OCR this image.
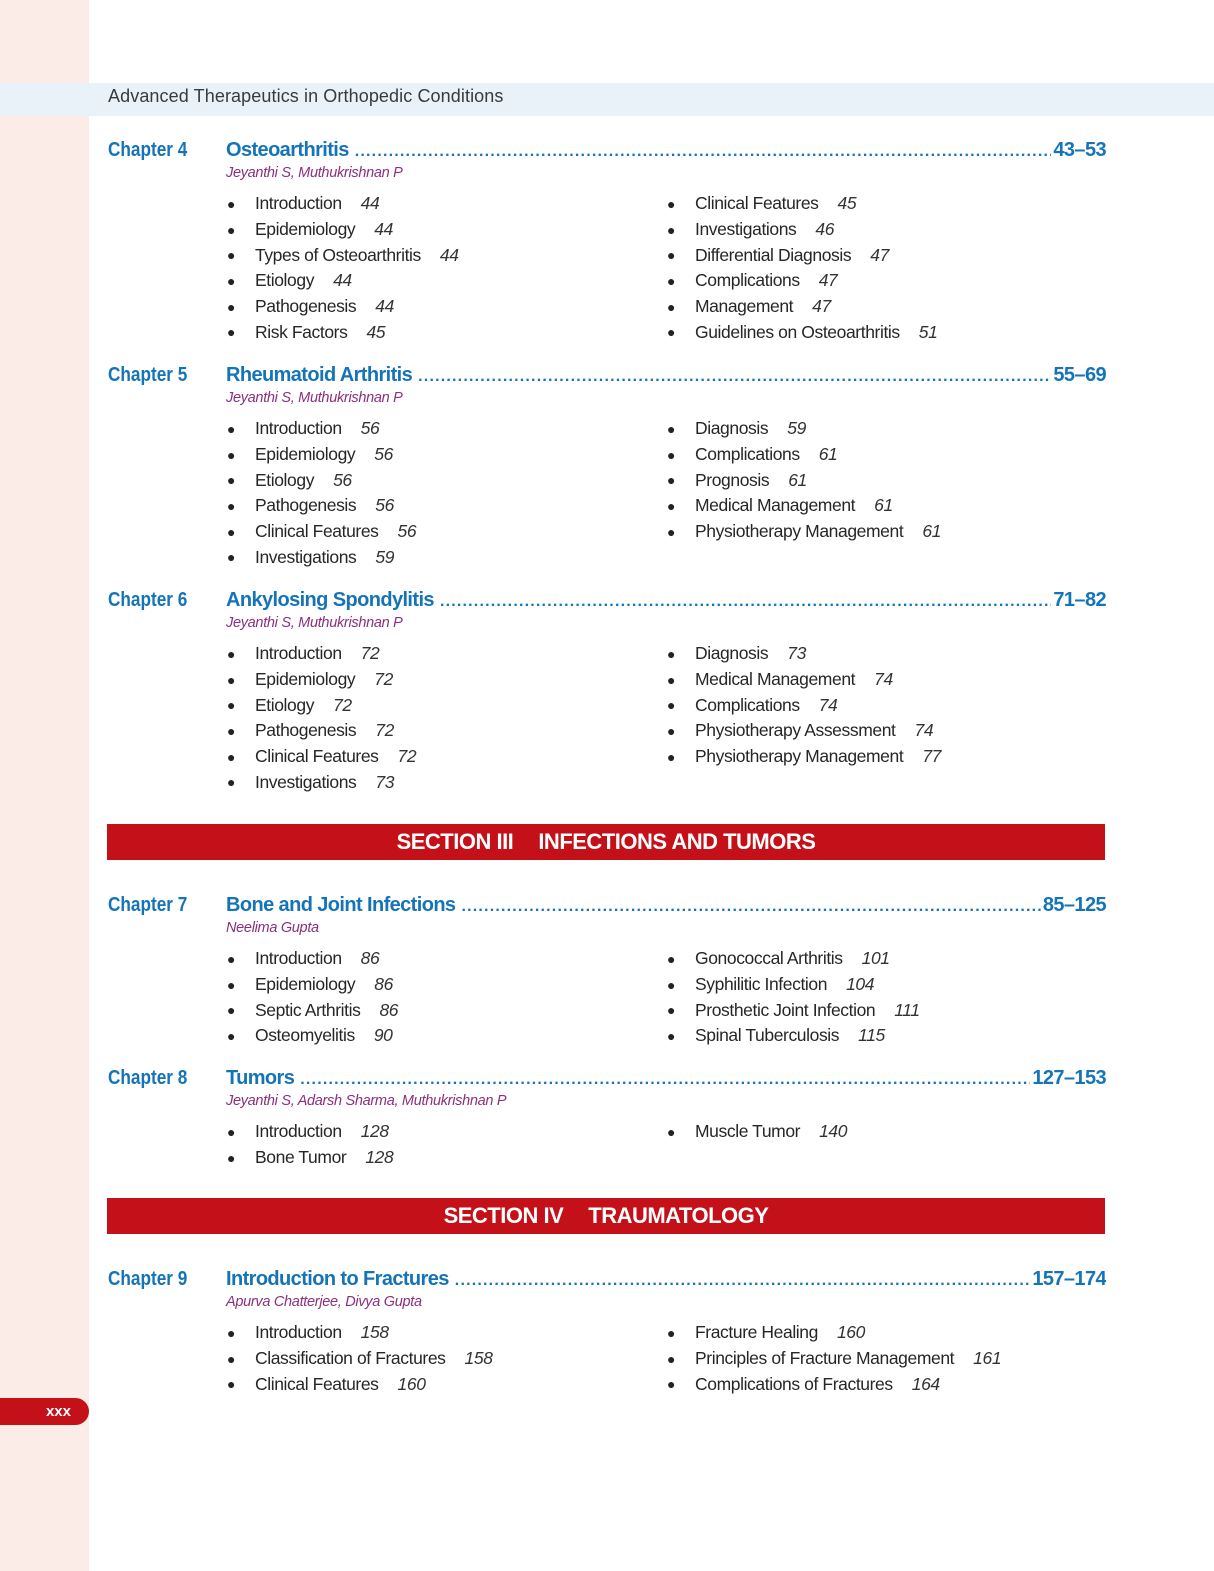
Advanced Therapeutics in Orthopedic Conditions
xxx
Chapter 4	Osteoarthritis .....	43–53
Jeyanthi S, Muthukrishnan P
● Introduction 44
● Epidemiology 44
● Types of Osteoarthritis 44
● Etiology 44
● Pathogenesis 44
● Risk Factors 45
● Clinical Features 45
● Investigations 46
● Differential Diagnosis 47
● Complications 47
● Management 47
● Guidelines on Osteoarthritis 51
Chapter 5	Rheumatoid Arthritis .....	55–69
Jeyanthi S, Muthukrishnan P
● Introduction 56
● Epidemiology 56
● Etiology 56
● Pathogenesis 56
● Clinical Features 56
● Investigations 59
● Diagnosis 59
● Complications 61
● Prognosis 61
● Medical Management 61
● Physiotherapy Management 61
Chapter 6	Ankylosing Spondylitis .....	71–82
Jeyanthi S, Muthukrishnan P
● Introduction 72
● Epidemiology 72
● Etiology 72
● Pathogenesis 72
● Clinical Features 72
● Investigations 73
● Diagnosis 73
● Medical Management 74
● Complications 74
● Physiotherapy Assessment 74
● Physiotherapy Management 77
SECTION III INFECTIONS AND TUMORS
Chapter 7	Bone and Joint Infections .....	85–125
Neelima Gupta
● Introduction 86
● Epidemiology 86
● Septic Arthritis 86
● Osteomyelitis 90
● Gonococcal Arthritis 101
● Syphilitic Infection 104
● Prosthetic Joint Infection 111
● Spinal Tuberculosis 115
Chapter 8	Tumors .....	127–153
Jeyanthi S, Adarsh Sharma, Muthukrishnan P
● Introduction 128
● Bone Tumor 128
● Muscle Tumor 140
SECTION IV TRAUMATOLOGY
Chapter 9	Introduction to Fractures .....	157–174
Apurva Chatterjee, Divya Gupta
● Introduction 158
● Classification of Fractures 158
● Clinical Features 160
● Fracture Healing 160
● Principles of Fracture Management 161
● Complications of Fractures 164
